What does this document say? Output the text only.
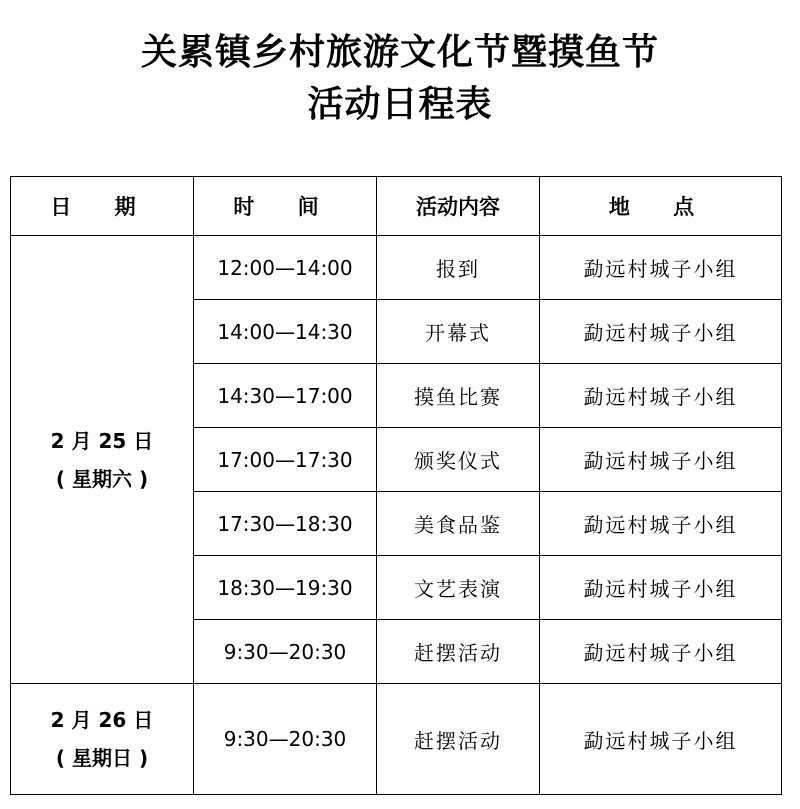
关累镇乡村旅游文化节暨摸鱼节
活动日程表
日 期	时 间	活动内容	地 点

2 月 25 日
( 星期六 )	12:00—14:00	报到	勐远村城子小组
	14:00—14:30	开幕式	勐远村城子小组
	14:30—17:00	摸鱼比赛	勐远村城子小组
	17:00—17:30	颁奖仪式	勐远村城子小组
	17:30—18:30	美食品鉴	勐远村城子小组
	18:30—19:30	文艺表演	勐远村城子小组
	9:30—20:30	赶摆活动	勐远村城子小组

2 月 26 日
( 星期日 )	9:30—20:30	赶摆活动	勐远村城子小组
